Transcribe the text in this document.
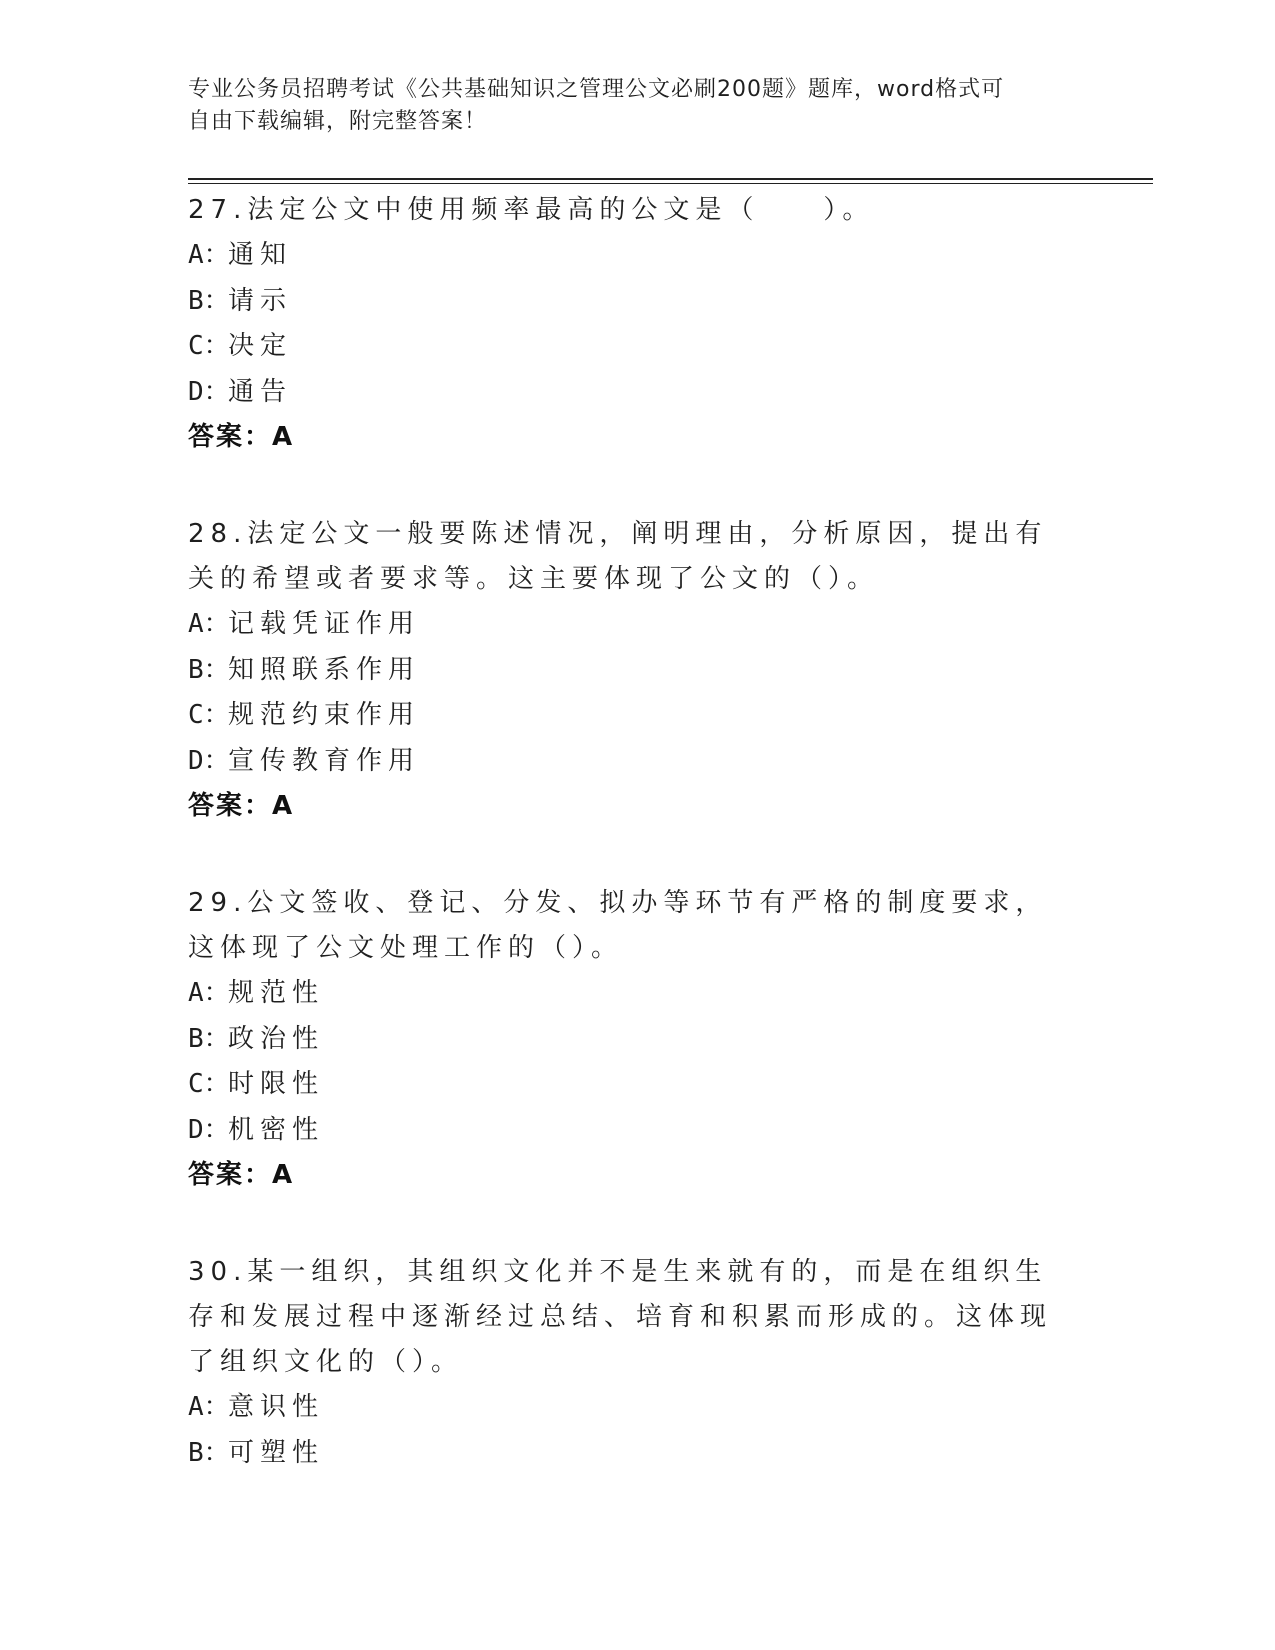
专业公务员招聘考试《公共基础知识之管理公文必刷200题》题库，word格式可
自由下载编辑，附完整答案！

27.法定公文中使用频率最高的公文是（　　）。

A：通知

B：请示

C：决定

D：通告

答案：A

28.法定公文一般要陈述情况，阐明理由，分析原因，提出有关的希望或者要求等。这主要体现了公文的（）。

A：记载凭证作用

B：知照联系作用

C：规范约束作用

D：宣传教育作用

答案：A

29.公文签收、登记、分发、拟办等环节有严格的制度要求，这体现了公文处理工作的（）。

A：规范性

B：政治性

C：时限性

D：机密性

答案：A

30.某一组织，其组织文化并不是生来就有的，而是在组织生存和发展过程中逐渐经过总结、培育和积累而形成的。这体现了组织文化的（）。

A：意识性

B：可塑性
